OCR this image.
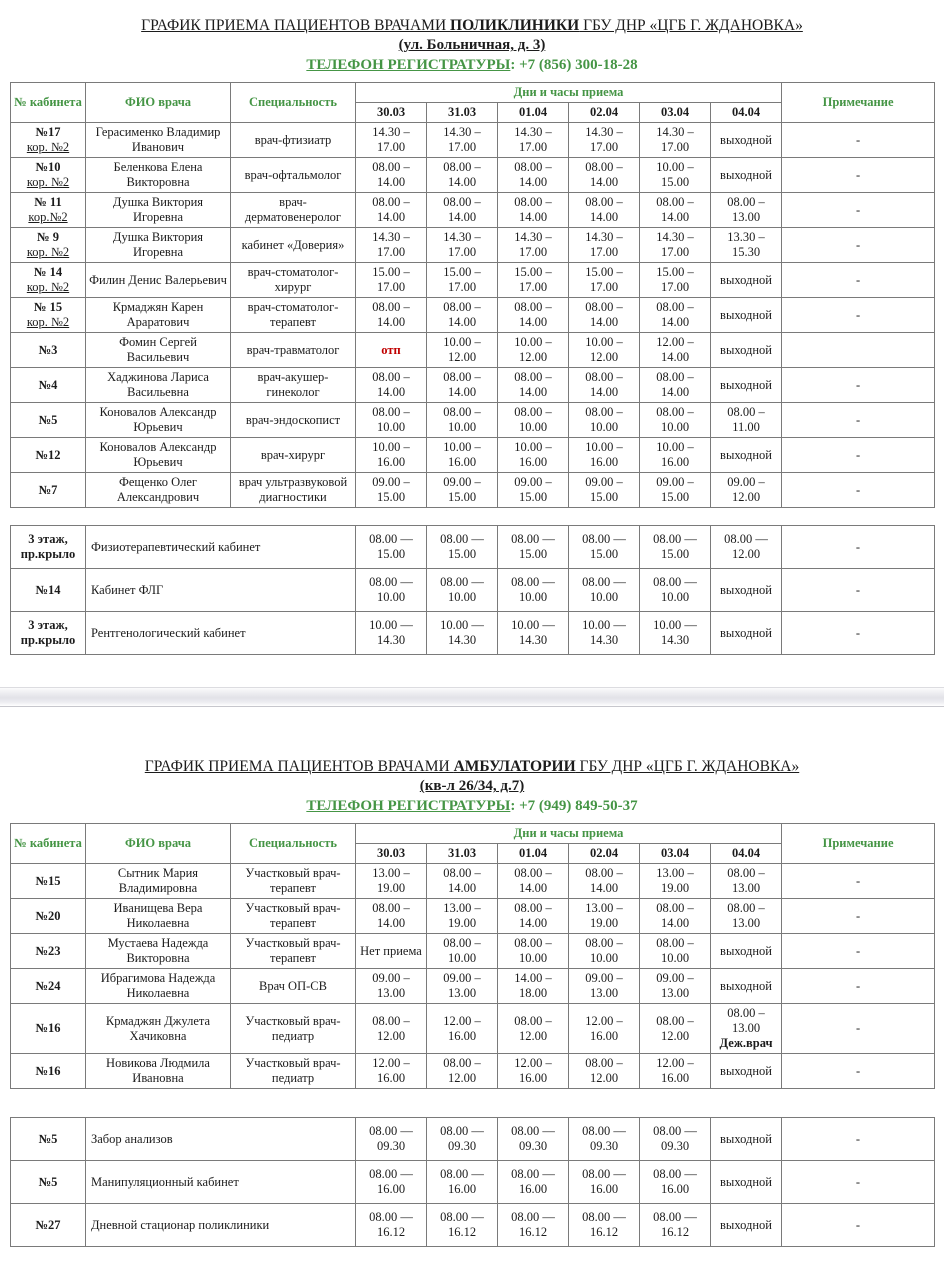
ГРАФИК ПРИЕМА ПАЦИЕНТОВ ВРАЧАМИ ПОЛИКЛИНИКИ ГБУ ДНР «ЦГБ Г. ЖДАНОВКА»
(ул. Больничная, д. 3)
ТЕЛЕФОН РЕГИСТРАТУРЫ: +7 (856) 300-18-28
№ кабинета	ФИО врача	Специальность	Дни и часы приема						Примечание
			30.03	31.03	01.04	02.04	03.04	04.04	

№17
кор. №2	Герасименко Владимир Иванович	врач-фтизиатр	14.30 – 17.00	14.30 – 17.00	14.30 – 17.00	14.30 – 17.00	14.30 – 17.00	выходной	-

№10
кор. №2	Беленкова Елена Викторовна	врач-офтальмолог	08.00 – 14.00	08.00 – 14.00	08.00 – 14.00	08.00 – 14.00	10.00 – 15.00	выходной	-

№ 11
кор.№2	Душка Виктория Игоревна	врач-дерматовенеролог	08.00 – 14.00	08.00 – 14.00	08.00 – 14.00	08.00 – 14.00	08.00 – 14.00	08.00 – 13.00	-

№ 9
кор. №2	Душка Виктория Игоревна	кабинет «Доверия»	14.30 – 17.00	14.30 – 17.00	14.30 – 17.00	14.30 – 17.00	14.30 – 17.00	13.30 – 15.30	-

№ 14
кор. №2	Филин Денис Валерьевич	врач-стоматолог-хирург	15.00 – 17.00	15.00 – 17.00	15.00 – 17.00	15.00 – 17.00	15.00 – 17.00	выходной	-

№ 15
кор. №2	Крмаджян Карен Араратович	врач-стоматолог-терапевт	08.00 – 14.00	08.00 – 14.00	08.00 – 14.00	08.00 – 14.00	08.00 – 14.00	выходной	-

№3	Фомин Сергей Васильевич	врач-травматолог	отп	10.00 – 12.00	10.00 – 12.00	10.00 – 12.00	12.00 – 14.00	выходной	

№4	Хаджинова Лариса Васильевна	врач-акушер-гинеколог	08.00 – 14.00	08.00 – 14.00	08.00 – 14.00	08.00 – 14.00	08.00 – 14.00	выходной	-

№5	Коновалов Александр Юрьевич	врач-эндоскопист	08.00 – 10.00	08.00 – 10.00	08.00 – 10.00	08.00 – 10.00	08.00 – 10.00	08.00 – 11.00	-

№12	Коновалов Александр Юрьевич	врач-хирург	10.00 – 16.00	10.00 – 16.00	10.00 – 16.00	10.00 – 16.00	10.00 – 16.00	выходной	-

№7	Фещенко Олег Александрович	врач ультразвуковой диагностики	09.00 – 15.00	09.00 – 15.00	09.00 – 15.00	09.00 – 15.00	09.00 – 15.00	09.00 – 12.00	-
3 этаж,
пр.крыло	Физиотерапевтический кабинет	08.00 — 15.00	08.00 — 15.00	08.00 — 15.00	08.00 — 15.00	08.00 — 15.00	08.00 — 12.00	-

№14	Кабинет ФЛГ	08.00 — 10.00	08.00 — 10.00	08.00 — 10.00	08.00 — 10.00	08.00 — 10.00	выходной	-

3 этаж,
пр.крыло	Рентгенологический кабинет	10.00 — 14.30	10.00 — 14.30	10.00 — 14.30	10.00 — 14.30	10.00 — 14.30	выходной	-
ГРАФИК ПРИЕМА ПАЦИЕНТОВ ВРАЧАМИ АМБУЛАТОРИИ ГБУ ДНР «ЦГБ Г. ЖДАНОВКА»
(кв-л 26/34, д.7)
ТЕЛЕФОН РЕГИСТРАТУРЫ: +7 (949) 849-50-37
№ кабинета	ФИО врача	Специальность	Дни и часы приема						Примечание
			30.03	31.03	01.04	02.04	03.04	04.04	

№15	Сытник Мария Владимировна	Участковый врач-терапевт	13.00 – 19.00	08.00 – 14.00	08.00 – 14.00	08.00 – 14.00	13.00 – 19.00	08.00 – 13.00	-

№20	Иванищева Вера Николаевна	Участковый врач-терапевт	08.00 – 14.00	13.00 – 19.00	08.00 – 14.00	13.00 – 19.00	08.00 – 14.00	08.00 – 13.00	-

№23	Мустаева Надежда Викторовна	Участковый врач-терапевт	Нет приема	08.00 – 10.00	08.00 – 10.00	08.00 – 10.00	08.00 – 10.00	выходной	-

№24	Ибрагимова Надежда Николаевна	Врач ОП-СВ	09.00 – 13.00	09.00 – 13.00	14.00 – 18.00	09.00 – 13.00	09.00 – 13.00	выходной	-

№16	Крмаджян Джулета Хачиковна	Участковый врач-педиатр	08.00 – 12.00	12.00 – 16.00	08.00 – 12.00	12.00 – 16.00	08.00 – 12.00	08.00 – 13.00
Деж.врач	-

№16	Новикова Людмила Ивановна	Участковый врач-педиатр	12.00 – 16.00	08.00 – 12.00	12.00 – 16.00	08.00 – 12.00	12.00 – 16.00	выходной	-
№5	Забор анализов	08.00 — 09.30	08.00 — 09.30	08.00 — 09.30	08.00 — 09.30	08.00 — 09.30	выходной	-

№5	Манипуляционный кабинет	08.00 — 16.00	08.00 — 16.00	08.00 — 16.00	08.00 — 16.00	08.00 — 16.00	выходной	-

№27	Дневной стационар поликлиники	08.00 — 16.12	08.00 — 16.12	08.00 — 16.12	08.00 — 16.12	08.00 — 16.12	выходной	-
